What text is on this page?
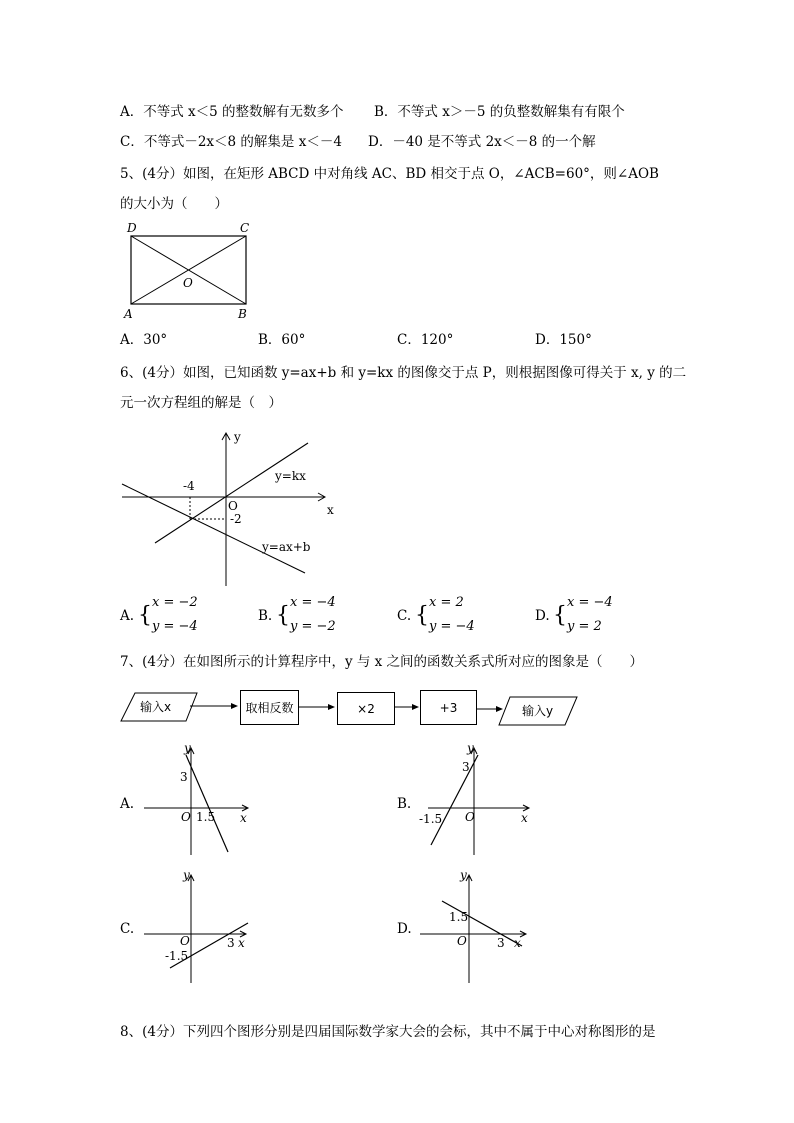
A．不等式 x＜5 的整数解有无数多个 B．不等式 x＞－5 的负整数解集有有限个
C．不等式－2x＜8 的解集是 x＜－4 D．－40 是不等式 2x＜－8 的一个解
5、(4分）如图，在矩形 ABCD 中对角线 AC、BD 相交于点 O，∠ACB=60°，则∠AOB
的大小为（　　）
D	C
O
A	B
A．30°	B．60°	C．120°	D．150°
6、(4分）如图，已知函数 y=ax+b 和 y=kx 的图像交于点 P，则根据图像可得关于 x, y 的二
元一次方程组的解是（　）
y
x
O
-4
-2
y=kx
y=ax+b
A. {
x = −2
y = −4
B. {
x = −4
y = −2
C. {
x = 2
y = −4
D. {
x = −4
y = 2
7、(4分）在如图所示的计算程序中，y 与 x 之间的函数关系式所对应的图象是（　　）
输入x	取相反数	×2	+3	输入y
A.
y
x
O
3
1.5
B.
y
x
O
3
-1.5
C.
y
x
O
-1.5
3
D.
y
x
O
1.5
3
8、(4分）下列四个图形分别是四届国际数学家大会的会标，其中不属于中心对称图形的是
